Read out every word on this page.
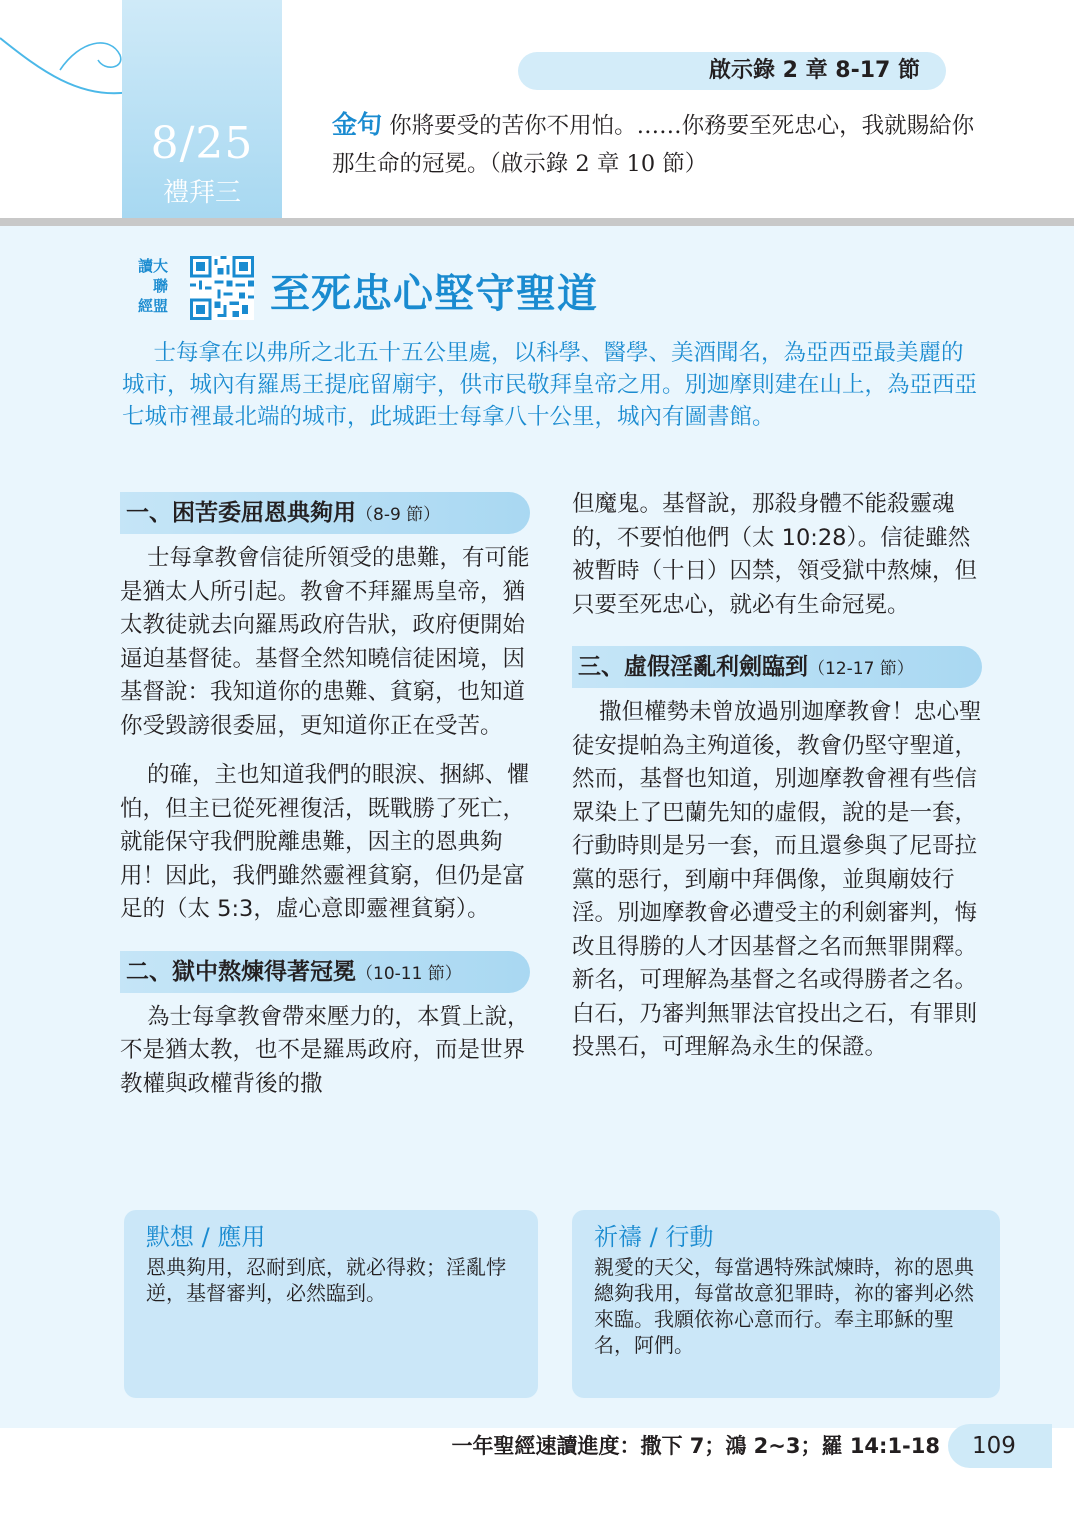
8/25
禮拜三
啟示錄 2 章 8-17 節
金句 你將要受的苦你不用怕。……你務要至死忠心，我就賜給你那生命的冠冕。（啟示錄 2 章 10 節）
讀大
　聯
經盟	至死忠心堅守聖道
士每拿在以弗所之北五十五公里處，以科學、醫學、美酒聞名，為亞西亞最美麗的城市，城內有羅馬王提庇留廟宇，供市民敬拜皇帝之用。別迦摩則建在山上，為亞西亞七城市裡最北端的城市，此城距士每拿八十公里，城內有圖書館。
一、困苦委屈恩典夠用（8-9 節）
士每拿教會信徒所領受的患難，有可能是猶太人所引起。教會不拜羅馬皇帝，猶太教徒就去向羅馬政府告狀，政府便開始逼迫基督徒。基督全然知曉信徒困境，因基督說：我知道你的患難、貧窮，也知道你受毀謗很委屈，更知道你正在受苦。
的確，主也知道我們的眼淚、捆綁、懼怕，但主已從死裡復活，既戰勝了死亡，就能保守我們脫離患難，因主的恩典夠用！因此，我們雖然靈裡貧窮，但仍是富足的（太 5:3，虛心意即靈裡貧窮）。
二、獄中熬煉得著冠冕（10-11 節）
為士每拿教會帶來壓力的，本質上說，不是猶太教，也不是羅馬政府，而是世界教權與政權背後的撒
但魔鬼。基督說，那殺身體不能殺靈魂的，不要怕他們（太 10:28）。信徒雖然被暫時（十日）囚禁，領受獄中熬煉，但只要至死忠心，就必有生命冠冕。
三、虛假淫亂利劍臨到（12-17 節）
撒但權勢未曾放過別迦摩教會！忠心聖徒安提帕為主殉道後，教會仍堅守聖道，然而，基督也知道，別迦摩教會裡有些信眾染上了巴蘭先知的虛假，說的是一套，行動時則是另一套，而且還參與了尼哥拉黨的惡行，到廟中拜偶像，並與廟妓行淫。別迦摩教會必遭受主的利劍審判，悔改且得勝的人才因基督之名而無罪開釋。新名，可理解為基督之名或得勝者之名。白石，乃審判無罪法官投出之石，有罪則投黑石，可理解為永生的保證。
默想 / 應用
恩典夠用，忍耐到底，就必得救；淫亂悖逆，基督審判，必然臨到。
祈禱 / 行動
親愛的天父，每當遇特殊試煉時，祢的恩典總夠我用，每當故意犯罪時，祢的審判必然來臨。我願依祢心意而行。奉主耶穌的聖名，阿們。
一年聖經速讀進度：撒下 7；鴻 2~3；羅 14:1-18	109
